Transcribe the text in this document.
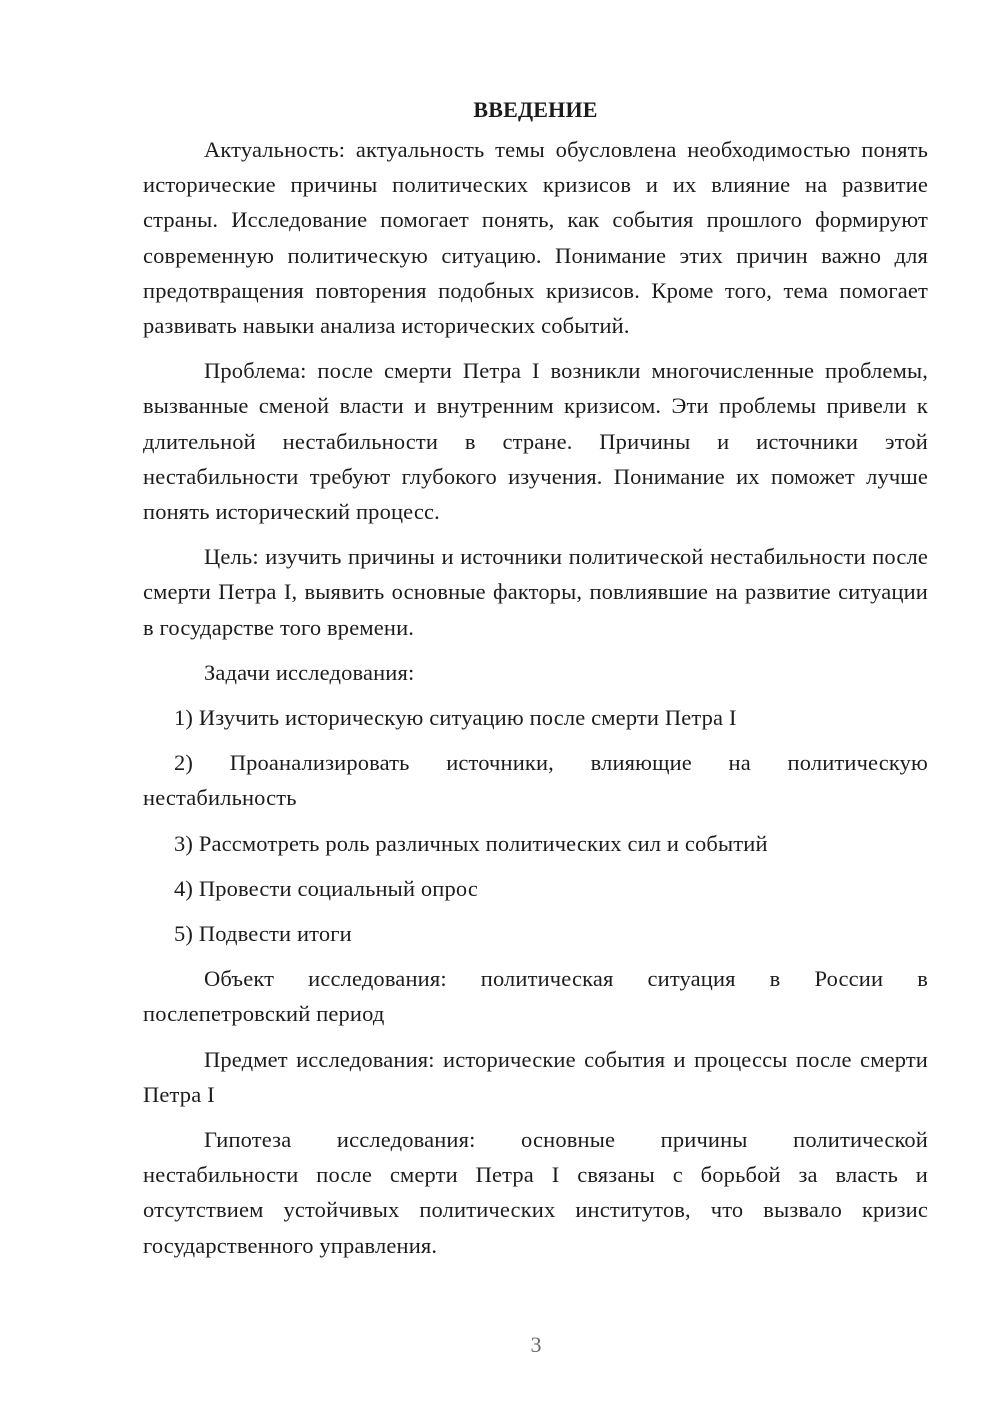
ВВЕДЕНИЕ

Актуальность: актуальность темы обусловлена необходимостью понять исторические причины политических кризисов и их влияние на развитие страны. Исследование помогает понять, как события прошлого формируют современную политическую ситуацию. Понимание этих причин важно для предотвращения повторения подобных кризисов. Кроме того, тема помогает развивать навыки анализа исторических событий.

Проблема: после смерти Петра I возникли многочисленные проблемы, вызванные сменой власти и внутренним кризисом. Эти проблемы привели к длительной нестабильности в стране. Причины и источники этой нестабильности требуют глубокого изучения. Понимание их поможет лучше понять исторический процесс.

Цель: изучить причины и источники политической нестабильности после смерти Петра I, выявить основные факторы, повлиявшие на развитие ситуации в государстве того времени.

Задачи исследования:

1) Изучить историческую ситуацию после смерти Петра I

2) Проанализировать источники, влияющие на политическую нестабильность

3) Рассмотреть роль различных политических сил и событий

4) Провести социальный опрос

5) Подвести итоги

Объект исследования: политическая ситуация в России в послепетровский период

Предмет исследования: исторические события и процессы после смерти Петра I

Гипотеза исследования: основные причины политической нестабильности после смерти Петра I связаны с борьбой за власть и отсутствием устойчивых политических институтов, что вызвало кризис государственного управления.

3
